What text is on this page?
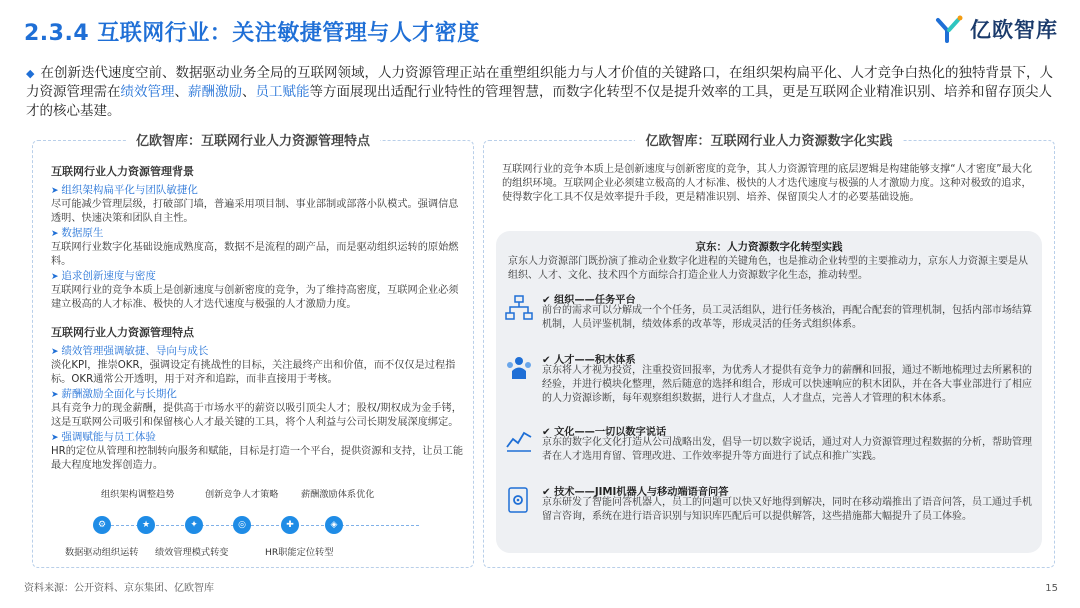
2.3.4 互联网行业：关注敏捷管理与人才密度	亿欧智库
◆ 在创新迭代速度空前、数据驱动业务全局的互联网领域，人力资源管理正站在重塑组织能力与人才价值的关键路口，在组织架构扁平化、人才竞争白热化的独特背景下，人力资源管理需在绩效管理、薪酬激励、员工赋能等方面展现出适配行业特性的管理智慧，而数字化转型不仅是提升效率的工具，更是互联网企业精准识别、培养和留存顶尖人才的核心基建。
亿欧智库：互联网行业人力资源管理特点
互联网行业人力资源管理背景
➤ 组织架构扁平化与团队敏捷化
尽可能减少管理层级，打破部门墙，普遍采用项目制、事业部制或部落小队模式。强调信息透明、快速决策和团队自主性。
➤ 数据原生
互联网行业数字化基础设施成熟度高，数据不是流程的副产品，而是驱动组织运转的原始燃料。
➤ 追求创新速度与密度
互联网行业的竞争本质上是创新速度与创新密度的竞争，为了维持高密度，互联网企业必须建立极高的人才标准、极快的人才迭代速度与极强的人才激励力度。
互联网行业人力资源管理特点
➤ 绩效管理强调敏捷、导向与成长
淡化KPI，推崇OKR，强调设定有挑战性的目标，关注最终产出和价值，而不仅仅是过程指标。OKR通常公开透明，用于对齐和追踪，而非直接用于考核。
➤ 薪酬激励全面化与长期化
具有竞争力的现金薪酬，提供高于市场水平的薪资以吸引顶尖人才；股权/期权成为金手铐，这是互联网公司吸引和保留核心人才最关键的工具，将个人利益与公司长期发展深度绑定。
➤ 强调赋能与员工体验
HR的定位从管理和控制转向服务和赋能，目标是打造一个平台，提供资源和支持，让员工能最大程度地发挥创造力。
组织架构调整趋势	创新竞争人才策略 薪酬激励体系优化
⚙	★	✦	◎	✚	◈
数据驱动组织运转 绩效管理模式转变	HR职能定位转型
亿欧智库：互联网行业人力资源数字化实践
互联网行业的竞争本质上是创新速度与创新密度的竞争，其人力资源管理的底层逻辑是构建能够支撑“人才密度”最大化的组织环境。互联网企业必须建立极高的人才标准、极快的人才迭代速度与极强的人才激励力度。这种对极致的追求，使得数字化工具不仅是效率提升手段，更是精准识别、培养、保留顶尖人才的必要基础设施。
京东：人力资源数字化转型实践
京东人力资源部门既扮演了推动企业数字化进程的关键角色，也是推动企业转型的主要推动力，京东人力资源主要是从组织、人才、文化、技术四个方面综合打造企业人力资源数字化生态，推动转型。
✔ 组织——任务平台
前台的需求可以分解成一个个任务，员工灵活组队，进行任务核治，再配合配套的管理机制，包括内部市场结算机制，人员评鉴机制，绩效体系的改革等，形成灵活的任务式组织体系。
✔ 人才——积木体系
京东将人才视为投资，注重投资回报率，为优秀人才提供有竞争力的薪酬和回报，通过不断地梳理过去所累积的经验，并进行模块化整理，然后随意的选择和组合，形成可以快速响应的积木团队，并在各大事业部进行了相应的人力资源诊断，每年观察组织数据，进行人才盘点，人才盘点，完善人才管理的积木体系。
✔ 文化——一切以数字说话
京东的数字化文化打造从公司战略出发，倡导一切以数字说话，通过对人力资源管理过程数据的分析，帮助管理者在人才选用育留、管理改进、工作效率提升等方面进行了试点和推广实践。
✔ 技术——JIMI机器人与移动端语音问答
京东研发了智能问答机器人，员工的问题可以快又好地得到解决，同时在移动端推出了语音问答，员工通过手机留言咨询，系统在进行语音识别与知识库匹配后可以提供解答，这些措施都大幅提升了员工体验。
资料来源：公开资料、京东集团、亿欧智库	15
